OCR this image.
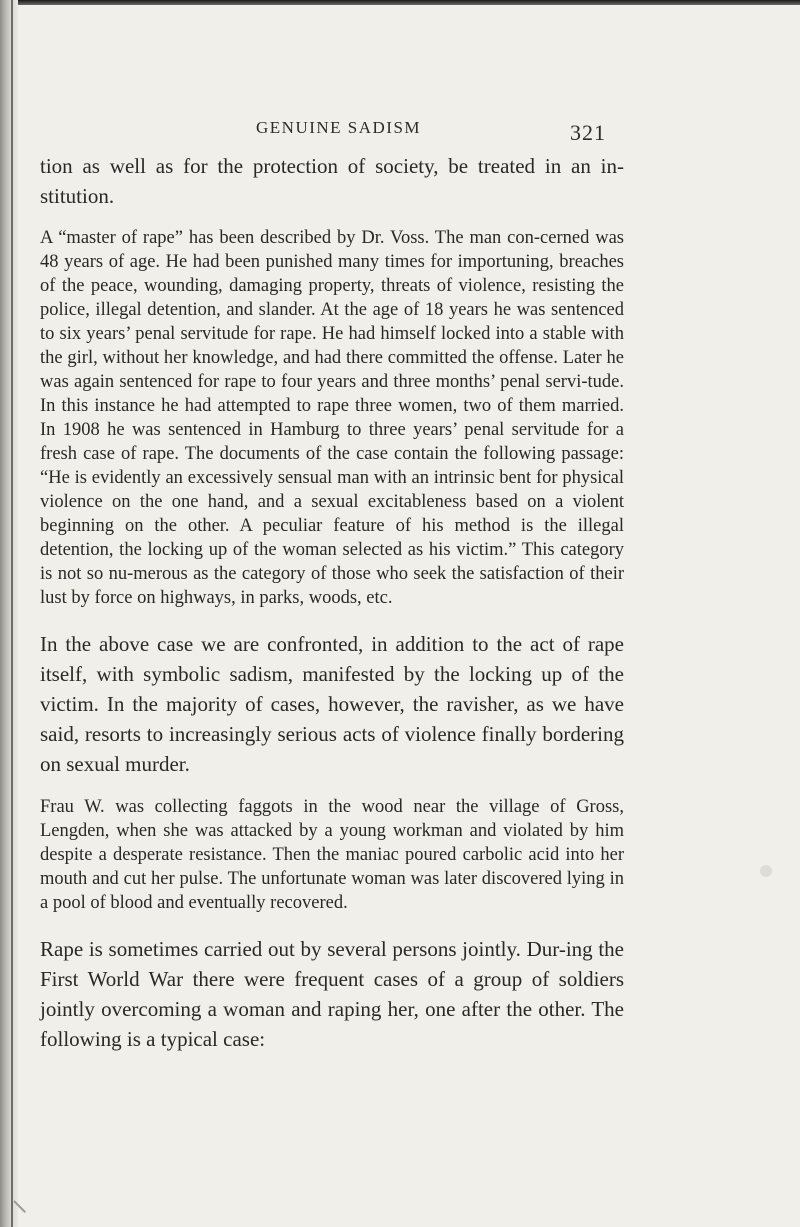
GENUINE SADISM	321

tion as well as for the protection of society, be treated in an in-stitution.

A “master of rape” has been described by Dr. Voss. The man con-cerned was 48 years of age. He had been punished many times for importuning, breaches of the peace, wounding, damaging property, threats of violence, resisting the police, illegal detention, and slander. At the age of 18 years he was sentenced to six years’ penal servitude for rape. He had himself locked into a stable with the girl, without her knowledge, and had there committed the offense. Later he was again sentenced for rape to four years and three months’ penal servi-tude. In this instance he had attempted to rape three women, two of them married. In 1908 he was sentenced in Hamburg to three years’ penal servitude for a fresh case of rape. The documents of the case contain the following passage: “He is evidently an excessively sensual man with an intrinsic bent for physical violence on the one hand, and a sexual excitableness based on a violent beginning on the other. A peculiar feature of his method is the illegal detention, the locking up of the woman selected as his victim.” This category is not so nu-merous as the category of those who seek the satisfaction of their lust by force on highways, in parks, woods, etc.

In the above case we are confronted, in addition to the act of rape itself, with symbolic sadism, manifested by the locking up of the victim. In the majority of cases, however, the ravisher, as we have said, resorts to increasingly serious acts of violence finally bordering on sexual murder.

Frau W. was collecting faggots in the wood near the village of Gross, Lengden, when she was attacked by a young workman and violated by him despite a desperate resistance. Then the maniac poured carbolic acid into her mouth and cut her pulse. The unfortunate woman was later discovered lying in a pool of blood and eventually recovered.

Rape is sometimes carried out by several persons jointly. Dur-ing the First World War there were frequent cases of a group of soldiers jointly overcoming a woman and raping her, one after the other. The following is a typical case:
